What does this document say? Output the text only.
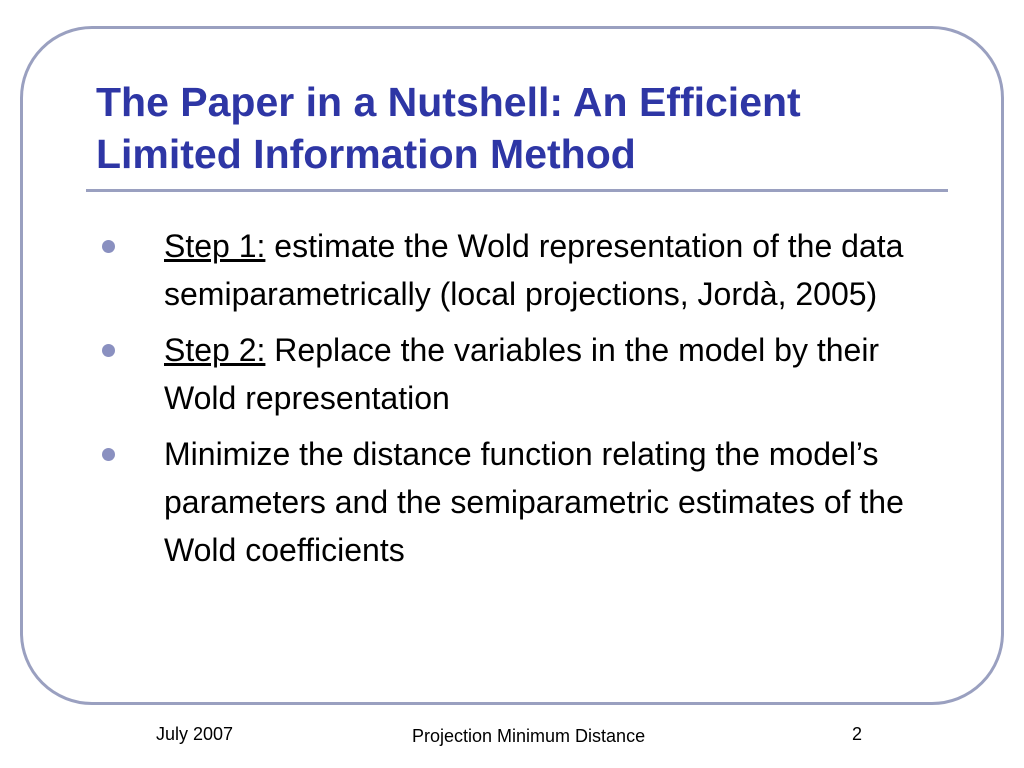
The Paper in a Nutshell: An Efficient Limited Information Method
Step 1: estimate the Wold representation of the data semiparametrically (local projections, Jordà, 2005)
Step 2: Replace the variables in the model by their Wold representation
Minimize the distance function relating the model’s parameters and the semiparametric estimates of the Wold coefficients
July 2007	Projection Minimum Distance	2
